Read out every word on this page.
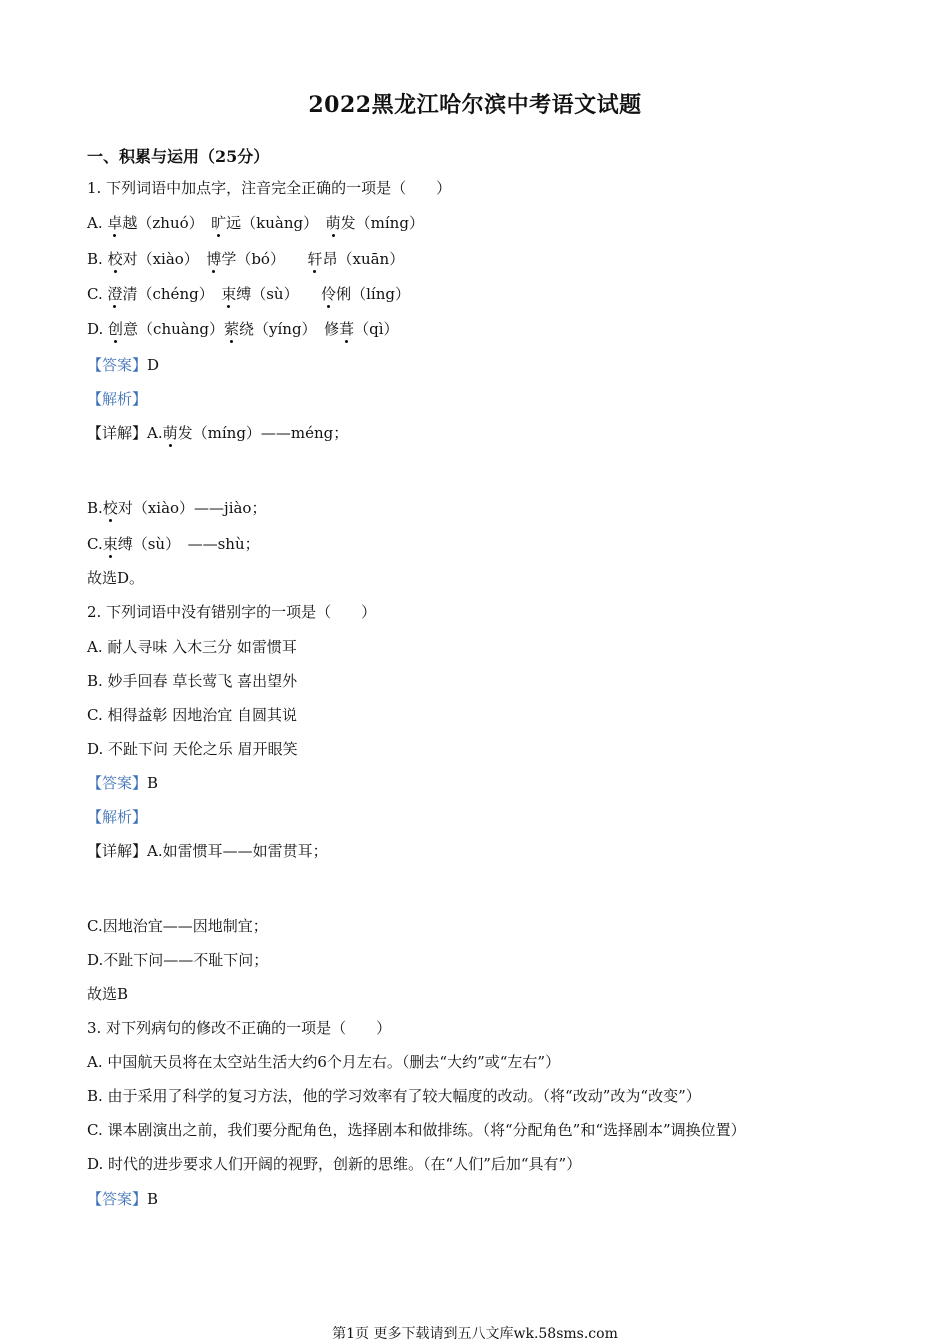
2022黑龙江哈尔滨中考语文试题
一、积累与运用（25分）
1. 下列词语中加点字，注音完全正确的一项是（　　）
A. 卓越（zhuó）　旷远（kuàng）　萌发（míng）
B. 校对（xiào）　博学（bó）　　轩昂（xuān）
C. 澄清（chéng）　束缚（sù）　　伶俐（líng）
D. 创意（chuàng）萦绕（yíng）　修葺（qì）
【答案】D
【解析】
【详解】A.萌发（míng）——méng；
B.校对（xiào）——jiào；
C.束缚（sù）　——shù；
故选D。
2. 下列词语中没有错别字的一项是（　　）
A. 耐人寻味 入木三分 如雷惯耳
B. 妙手回春 草长莺飞 喜出望外
C. 相得益彰 因地治宜 自圆其说
D. 不趾下问 天伦之乐 眉开眼笑
【答案】B
【解析】
【详解】A.如雷惯耳——如雷贯耳；
C.因地治宜——因地制宜；
D.不趾下问——不耻下问；
故选B
3. 对下列病句的修改不正确的一项是（　　）
A. 中国航天员将在太空站生活大约6个月左右。（删去“大约”或“左右”）
B. 由于采用了科学的复习方法，他的学习效率有了较大幅度的改动。（将“改动”改为“改变”）
C. 课本剧演出之前，我们要分配角色，选择剧本和做排练。（将“分配角色”和“选择剧本”调换位置）
D. 时代的进步要求人们开阔的视野，创新的思维。（在“人们”后加“具有”）
【答案】B
第1页 更多下载请到五八文库wk.58sms.com
